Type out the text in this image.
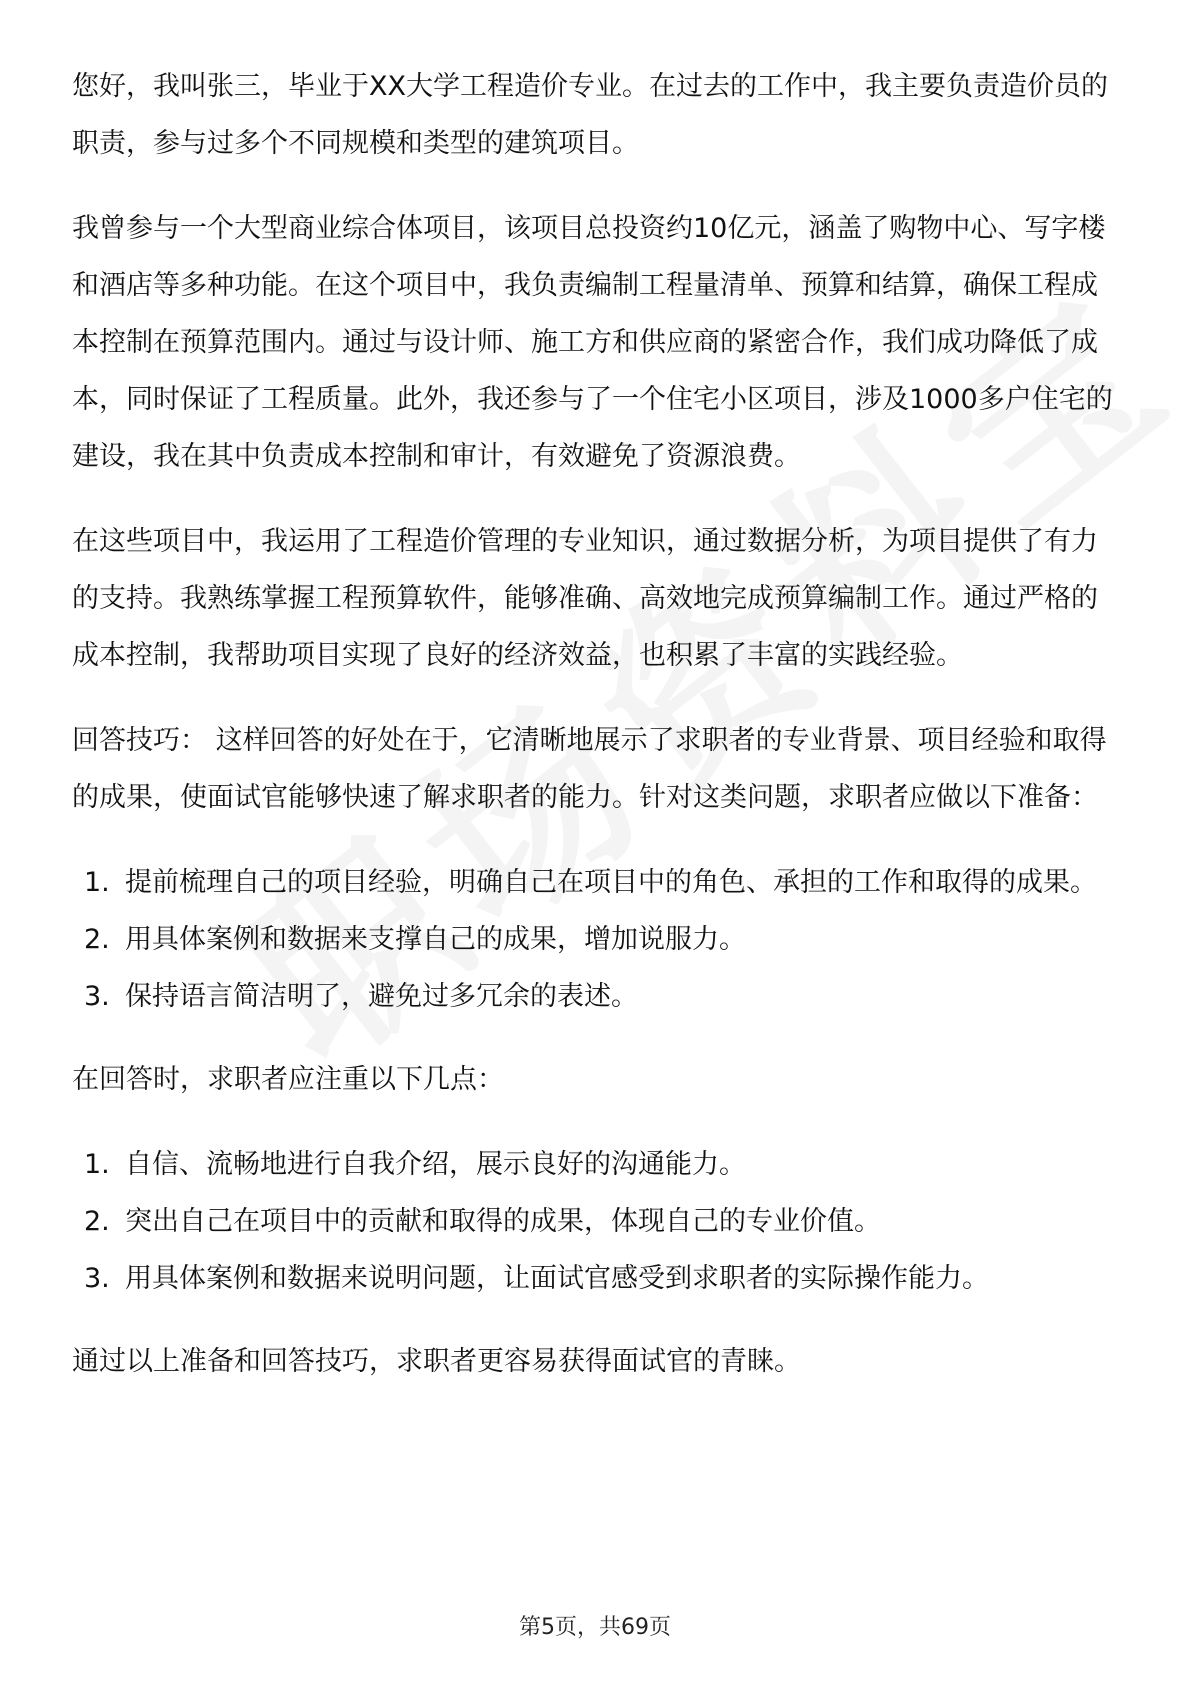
您好，我叫张三，毕业于XX大学工程造价专业。在过去的工作中，我主要负责造价员的职责，参与过多个不同规模和类型的建筑项目。

我曾参与一个大型商业综合体项目，该项目总投资约10亿元，涵盖了购物中心、写字楼和酒店等多种功能。在这个项目中，我负责编制工程量清单、预算和结算，确保工程成本控制在预算范围内。通过与设计师、施工方和供应商的紧密合作，我们成功降低了成本，同时保证了工程质量。此外，我还参与了一个住宅小区项目，涉及1000多户住宅的建设，我在其中负责成本控制和审计，有效避免了资源浪费。

在这些项目中，我运用了工程造价管理的专业知识，通过数据分析，为项目提供了有力的支持。我熟练掌握工程预算软件，能够准确、高效地完成预算编制工作。通过严格的成本控制，我帮助项目实现了良好的经济效益，也积累了丰富的实践经验。

回答技巧： 这样回答的好处在于，它清晰地展示了求职者的专业背景、项目经验和取得的成果，使面试官能够快速了解求职者的能力。针对这类问题，求职者应做以下准备：

1. 提前梳理自己的项目经验，明确自己在项目中的角色、承担的工作和取得的成果。
2. 用具体案例和数据来支撑自己的成果，增加说服力。
3. 保持语言简洁明了，避免过多冗余的表述。

在回答时，求职者应注重以下几点：

1. 自信、流畅地进行自我介绍，展示良好的沟通能力。
2. 突出自己在项目中的贡献和取得的成果，体现自己的专业价值。
3. 用具体案例和数据来说明问题，让面试官感受到求职者的实际操作能力。

通过以上准备和回答技巧，求职者更容易获得面试官的青睐。

第5页，共69页
